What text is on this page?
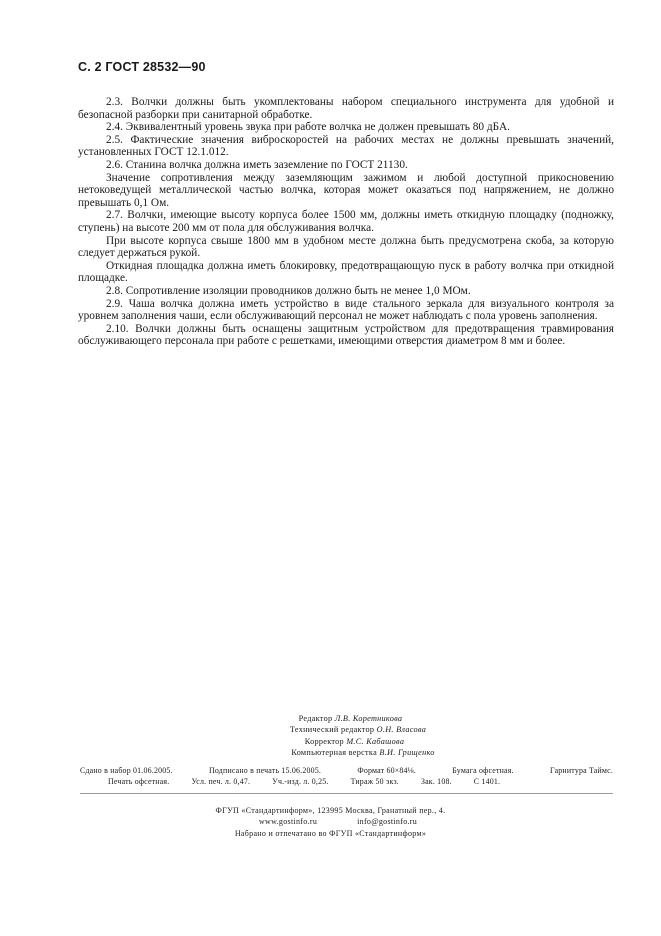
С. 2 ГОСТ 28532—90

2.3. Волчки должны быть укомплектованы набором специального инструмента для удобной и безопасной разборки при санитарной обработке.

2.4. Эквивалентный уровень звука при работе волчка не должен превышать 80 дБА.

2.5. Фактические значения виброскоростей на рабочих местах не должны превышать значений, установленных ГОСТ 12.1.012.

2.6. Станина волчка должна иметь заземление по ГОСТ 21130.

Значение сопротивления между заземляющим зажимом и любой доступной прикосновению нетоковедущей металлической частью волчка, которая может оказаться под напряжением, не должно превышать 0,1 Ом.

2.7. Волчки, имеющие высоту корпуса более 1500 мм, должны иметь откидную площадку (подножку, ступень) на высоте 200 мм от пола для обслуживания волчка.

При высоте корпуса свыше 1800 мм в удобном месте должна быть предусмотрена скоба, за которую следует держаться рукой.

Откидная площадка должна иметь блокировку, предотвращающую пуск в работу волчка при откидной площадке.

2.8. Сопротивление изоляции проводников должно быть не менее 1,0 МОм.

2.9. Чаша волчка должна иметь устройство в виде стального зеркала для визуального контроля за уровнем заполнения чаши, если обслуживающий персонал не может наблюдать с пола уровень заполнения.

2.10. Волчки должны быть оснащены защитным устройством для предотвращения травмирования обслуживающего персонала при работе с решетками, имеющими отверстия диаметром 8 мм и более.

Редактор Л.В. Коретникова
Технический редактор О.Н. Власова
Корректор М.С. Кабашова
Компьютерная верстка В.И. Грищенко
Сдано в набор 01.06.2005.	Подписано в печать 15.06.2005.	Формат 60×84⅛.	Бумага офсетная.	Гарнитура Таймс.
Печать офсетная.	Усл. печ. л. 0,47.	Уч.-изд. л. 0,25.	Тираж 50 экз.	Зак. 108.	С 1401.
ФГУП «Стандартинформ», 123995 Москва, Гранатный пер., 4.
www.gostinfo.ru	info@gostinfo.ru
Набрано и отпечатано во ФГУП «Стандартинформ»
